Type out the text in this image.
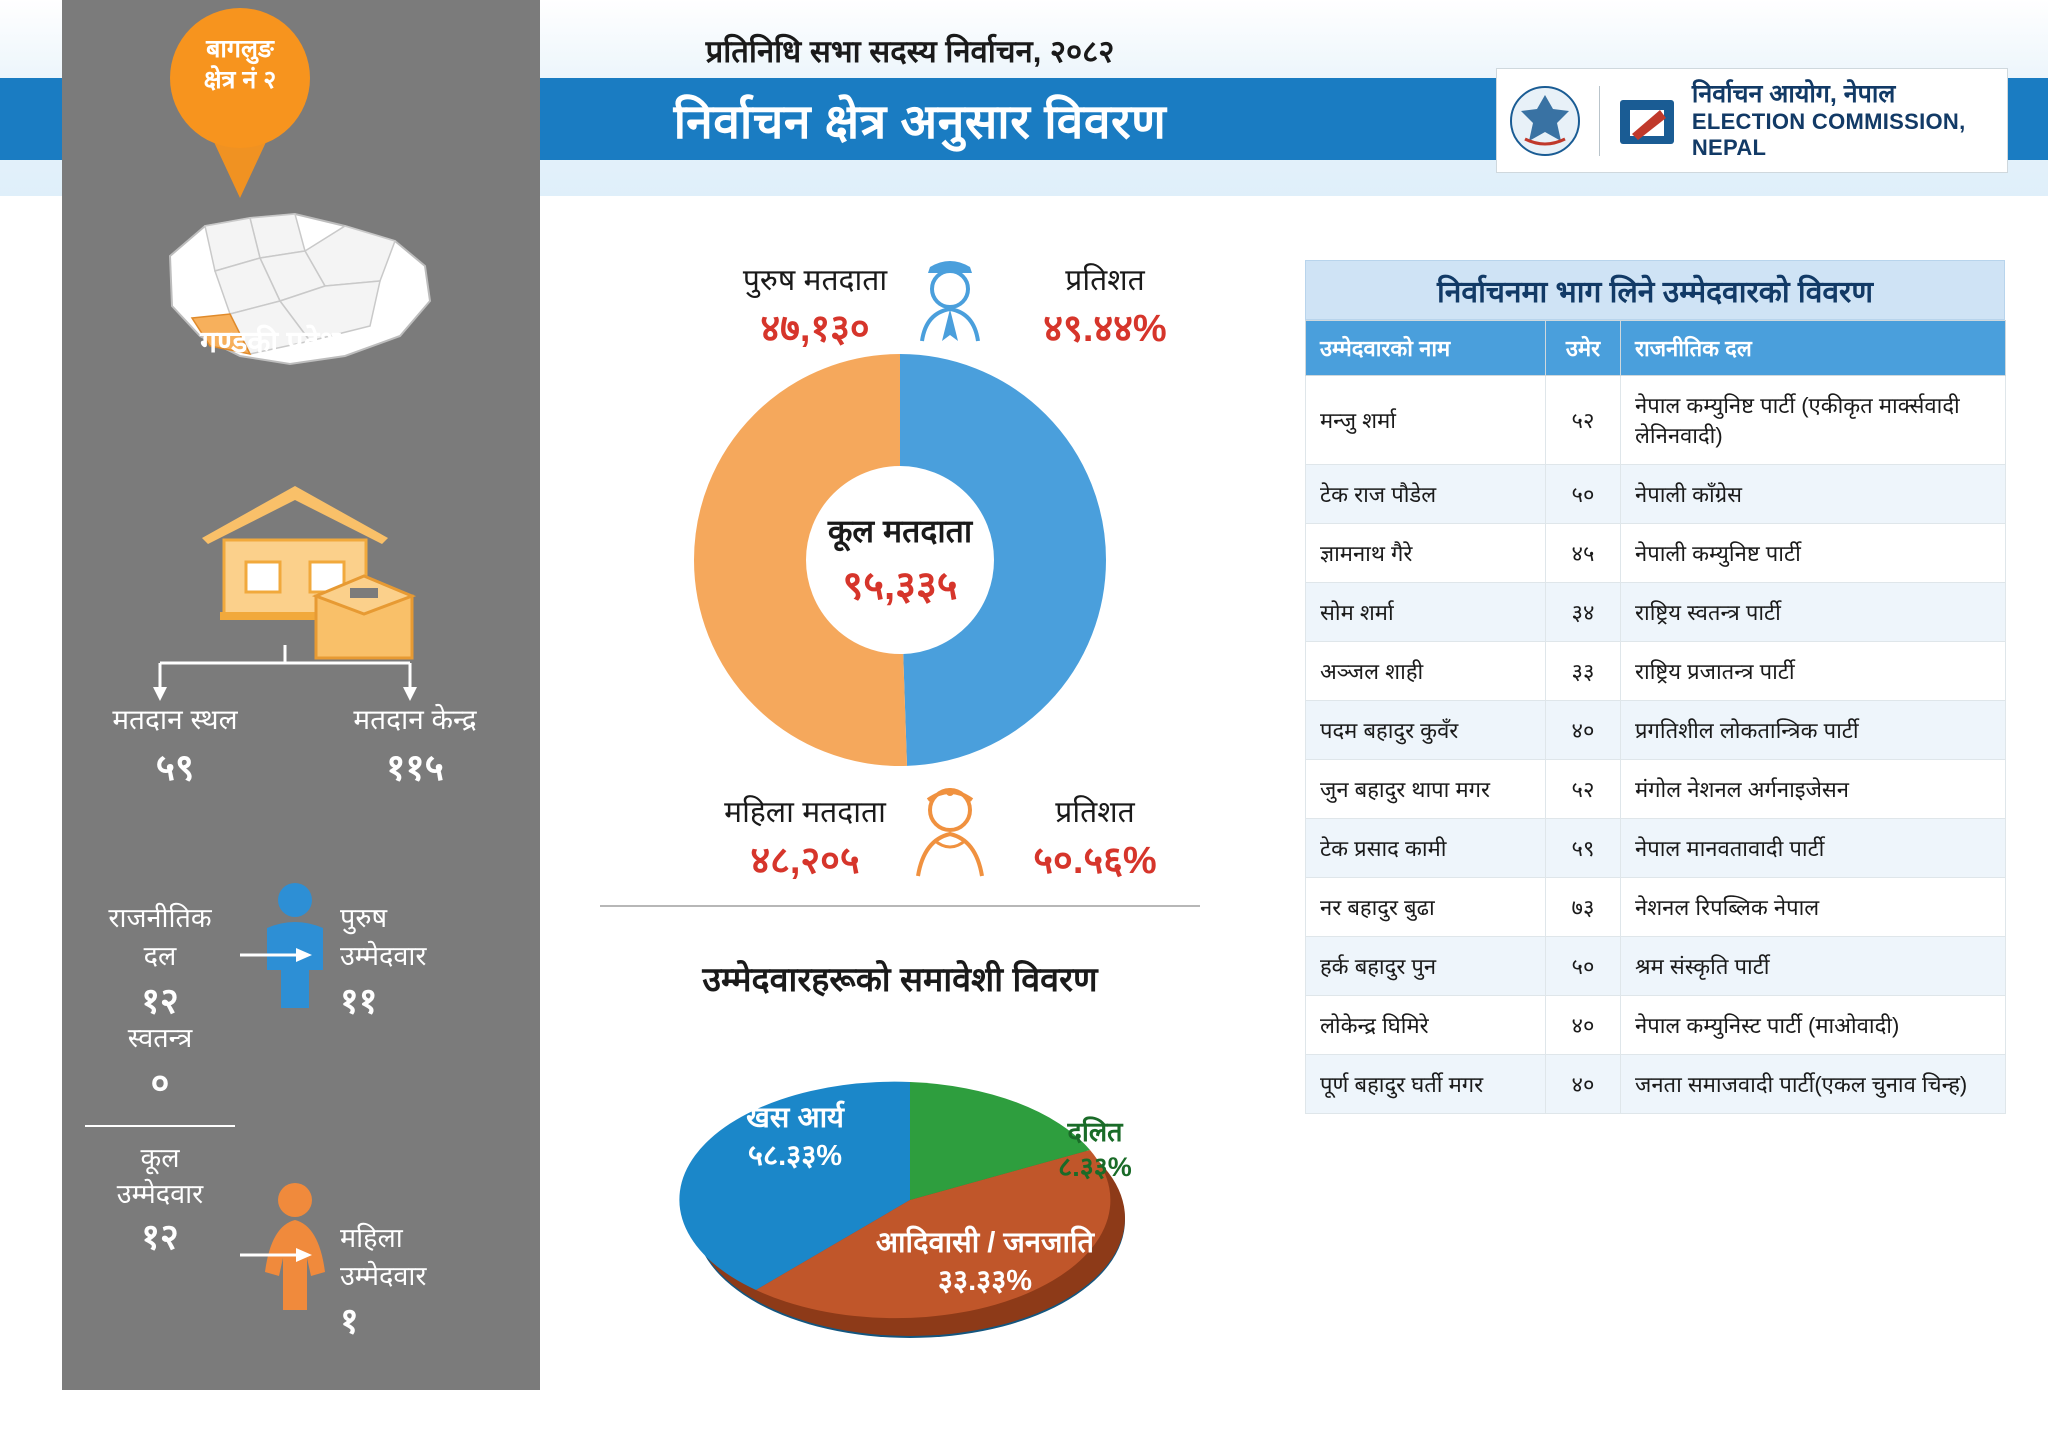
प्रतिनिधि सभा सदस्य निर्वाचन, २०८२
निर्वाचन क्षेत्र अनुसार विवरण
निर्वाचन आयोग, नेपाल
ELECTION COMMISSION, NEPAL
बागलुङ
क्षेत्र नं २
गण्डकी प्रदेश
मतदान स्थल
५९
मतदान केन्द्र
११५
राजनीतिक
दल
१२
स्वतन्त्र
०
कूल
उम्मेदवार
१२
पुरुष
उम्मेदवार
११
महिला
उम्मेदवार
१
पुरुष मतदाता
४७,१३०
प्रतिशत
४९.४४%
कूल मतदाता
९५,३३५
महिला मतदाता
४८,२०५
प्रतिशत
५०.५६%
उम्मेदवारहरूको समावेशी विवरण
खस आर्य
५८.३३%
दलित
८.३३%
आदिवासी / जनजाति
३३.३३%
निर्वाचनमा भाग लिने उम्मेदवारको विवरण
उम्मेदवारको नाम	उमेर	राजनीतिक दल
मन्जु शर्मा	५२	नेपाल कम्युनिष्ट पार्टी (एकीकृत मार्क्सवादी लेनिनवादी)
टेक राज पौडेल	५०	नेपाली काँग्रेस
ज्ञामनाथ गैरे	४५	नेपाली कम्युनिष्ट पार्टी
सोम शर्मा	३४	राष्ट्रिय स्वतन्त्र पार्टी
अञ्जल शाही	३३	राष्ट्रिय प्रजातन्त्र पार्टी
पदम बहादुर कुवँर	४०	प्रगतिशील लोकतान्त्रिक पार्टी
जुन बहादुर थापा मगर	५२	मंगोल नेशनल अर्गनाइजेसन
टेक प्रसाद कामी	५९	नेपाल मानवतावादी पार्टी
नर बहादुर बुढा	७३	नेशनल रिपब्लिक नेपाल
हर्क बहादुर पुन	५०	श्रम संस्कृति पार्टी
लोकेन्द्र घिमिरे	४०	नेपाल कम्युनिस्ट पार्टी (माओवादी)
पूर्ण बहादुर घर्ती मगर	४०	जनता समाजवादी पार्टी(एकल चुनाव चिन्ह)
